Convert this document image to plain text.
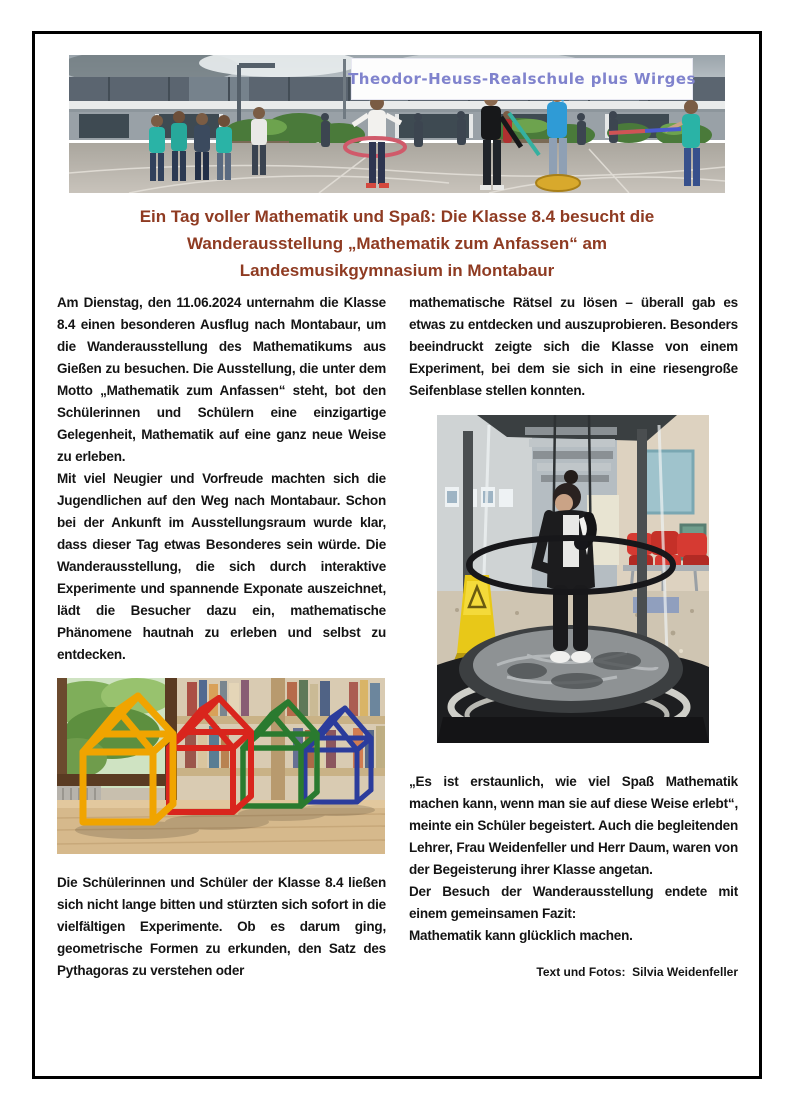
Theodor-Heuss-Realschule plus Wirges
Ein Tag voller Mathematik und Spaß: Die Klasse 8.4 besucht die
Wanderausstellung „Mathematik zum Anfassen“ am
Landesmusikgymnasium in Montabaur

Am Dienstag, den 11.06.2024 unternahm die Klasse 8.4 einen besonderen Ausflug nach Montabaur, um die Wanderausstellung des Mathematikums aus Gießen zu besuchen. Die Ausstellung, die unter dem Motto „Mathematik zum Anfassen“ steht, bot den Schülerinnen und Schülern eine einzigartige Gelegenheit, Mathematik auf eine ganz neue Weise zu erleben.

Mit viel Neugier und Vorfreude machten sich die Jugendlichen auf den Weg nach Montabaur. Schon bei der Ankunft im Ausstellungsraum wurde klar, dass dieser Tag etwas Besonderes sein würde. Die Wanderausstellung, die sich durch interaktive Experimente und spannende Exponate auszeichnet, lädt die Besucher dazu ein, mathematische Phänomene hautnah zu erleben und selbst zu entdecken.

Die Schülerinnen und Schüler der Klasse 8.4 ließen sich nicht lange bitten und stürzten sich sofort in die vielfältigen Experimente. Ob es darum ging, geometrische Formen zu erkunden, den Satz des Pythagoras zu verstehen oder

mathematische Rätsel zu lösen – überall gab es etwas zu entdecken und auszuprobieren. Besonders beeindruckt zeigte sich die Klasse von einem Experiment, bei dem sie sich in eine riesengroße Seifenblase stellen konnten.

„Es ist erstaunlich, wie viel Spaß Mathematik machen kann, wenn man sie auf diese Weise erlebt“, meinte ein Schüler begeistert. Auch die begleitenden Lehrer, Frau Weidenfeller und Herr Daum, waren von der Begeisterung ihrer Klasse angetan.

Der Besuch der Wanderausstellung endete mit einem gemeinsamen Fazit:

Mathematik kann glücklich machen.

Text und Fotos:  Silvia Weidenfeller
